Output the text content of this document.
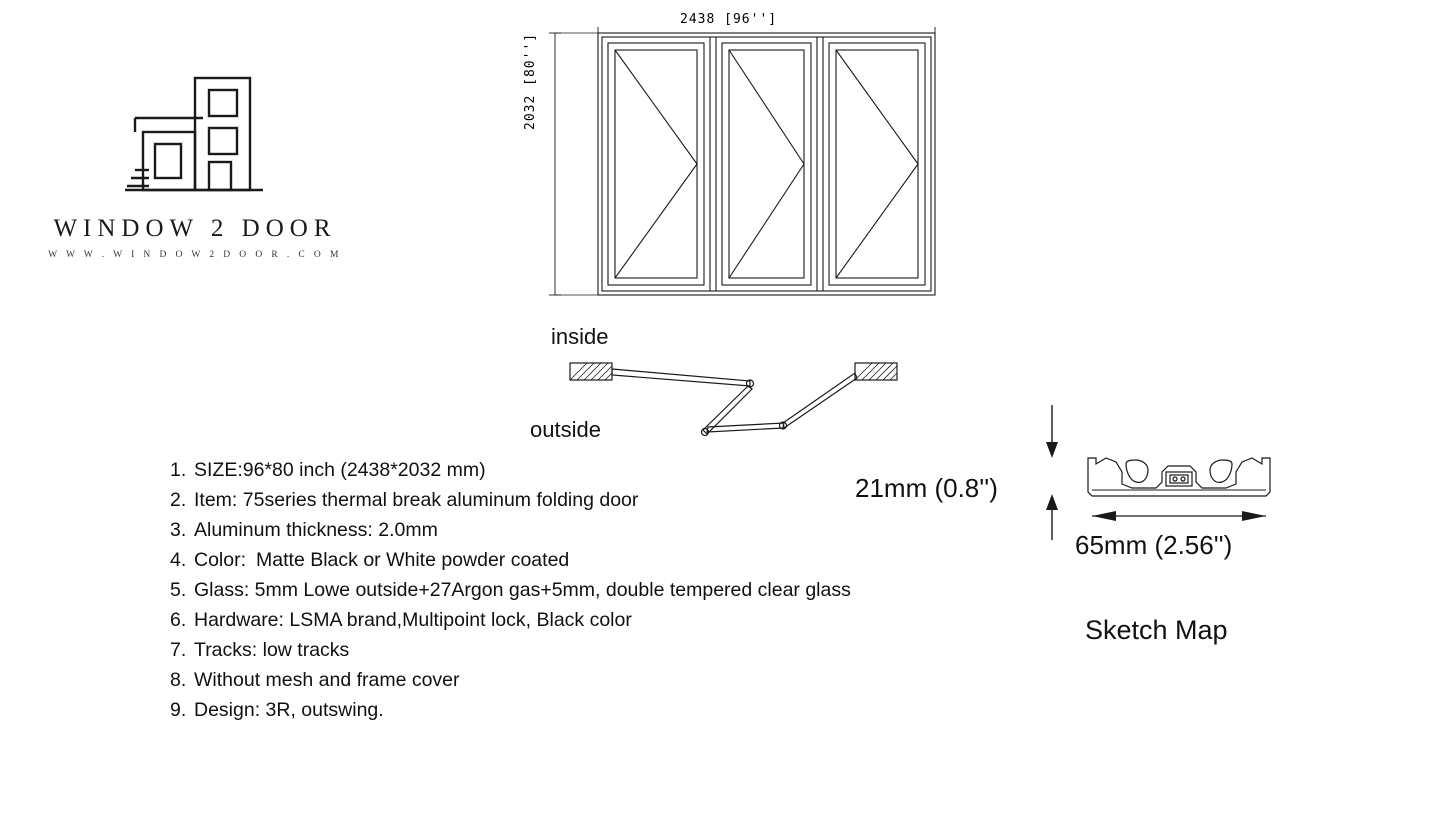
WINDOW 2 DOOR
W W W . W I N D O W 2 D O O R . C O M
2438 [96'']
2032 [80'']
inside
outside
1. SIZE:96*80 inch (2438*2032 mm)
2. Item: 75series thermal break aluminum folding door
3. Aluminum thickness: 2.0mm
4. Color: Matte Black or White powder coated
5. Glass: 5mm Lowe outside+27Argon gas+5mm, double tempered clear glass
6. Hardware: LSMA brand,Multipoint lock, Black color
7. Tracks: low tracks
8. Without mesh and frame cover
9. Design: 3R, outswing.
21mm (0.8'')
65mm (2.56'')
Sketch Map
